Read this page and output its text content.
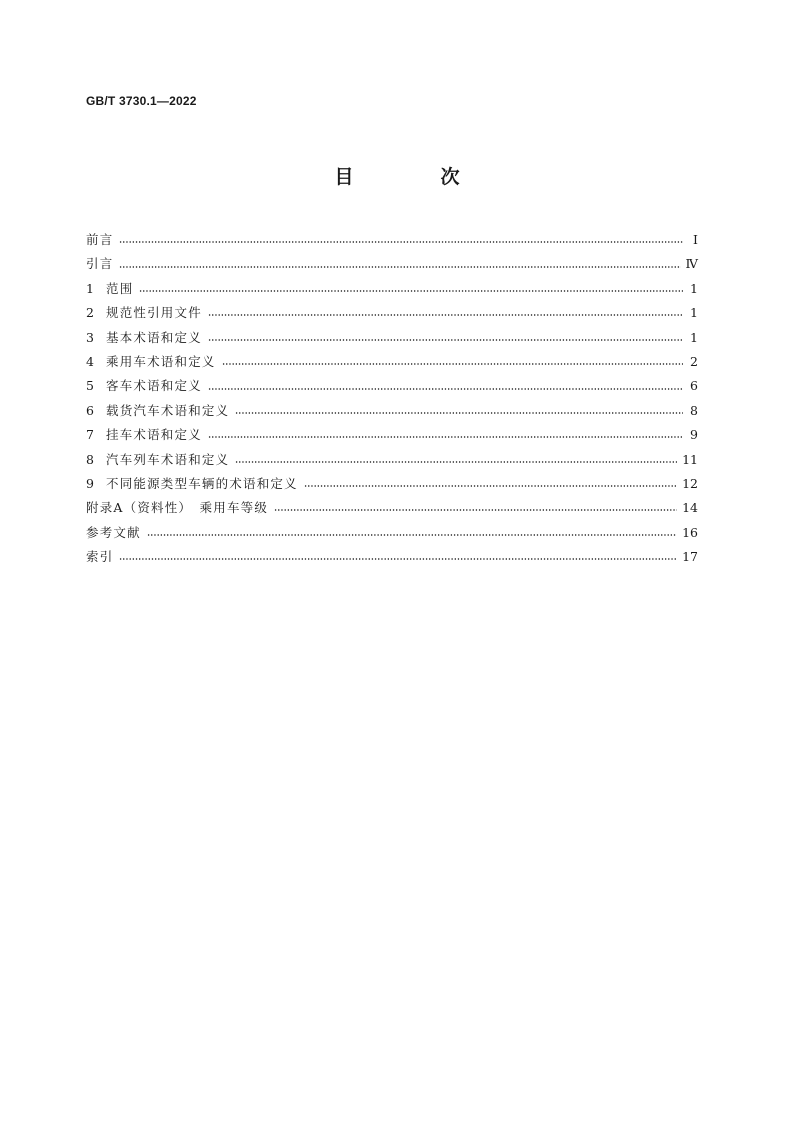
GB/T 3730.1—2022
目　次
前言	Ⅰ
引言	Ⅳ
1 范围	1
2 规范性引用文件	1
3 基本术语和定义	1
4 乘用车术语和定义	2
5 客车术语和定义	6
6 载货汽车术语和定义	8
7 挂车术语和定义	9
8 汽车列车术语和定义	11
9 不同能源类型车辆的术语和定义	12
附录A（资料性）　乘用车等级	14
参考文献	16
索引	17
